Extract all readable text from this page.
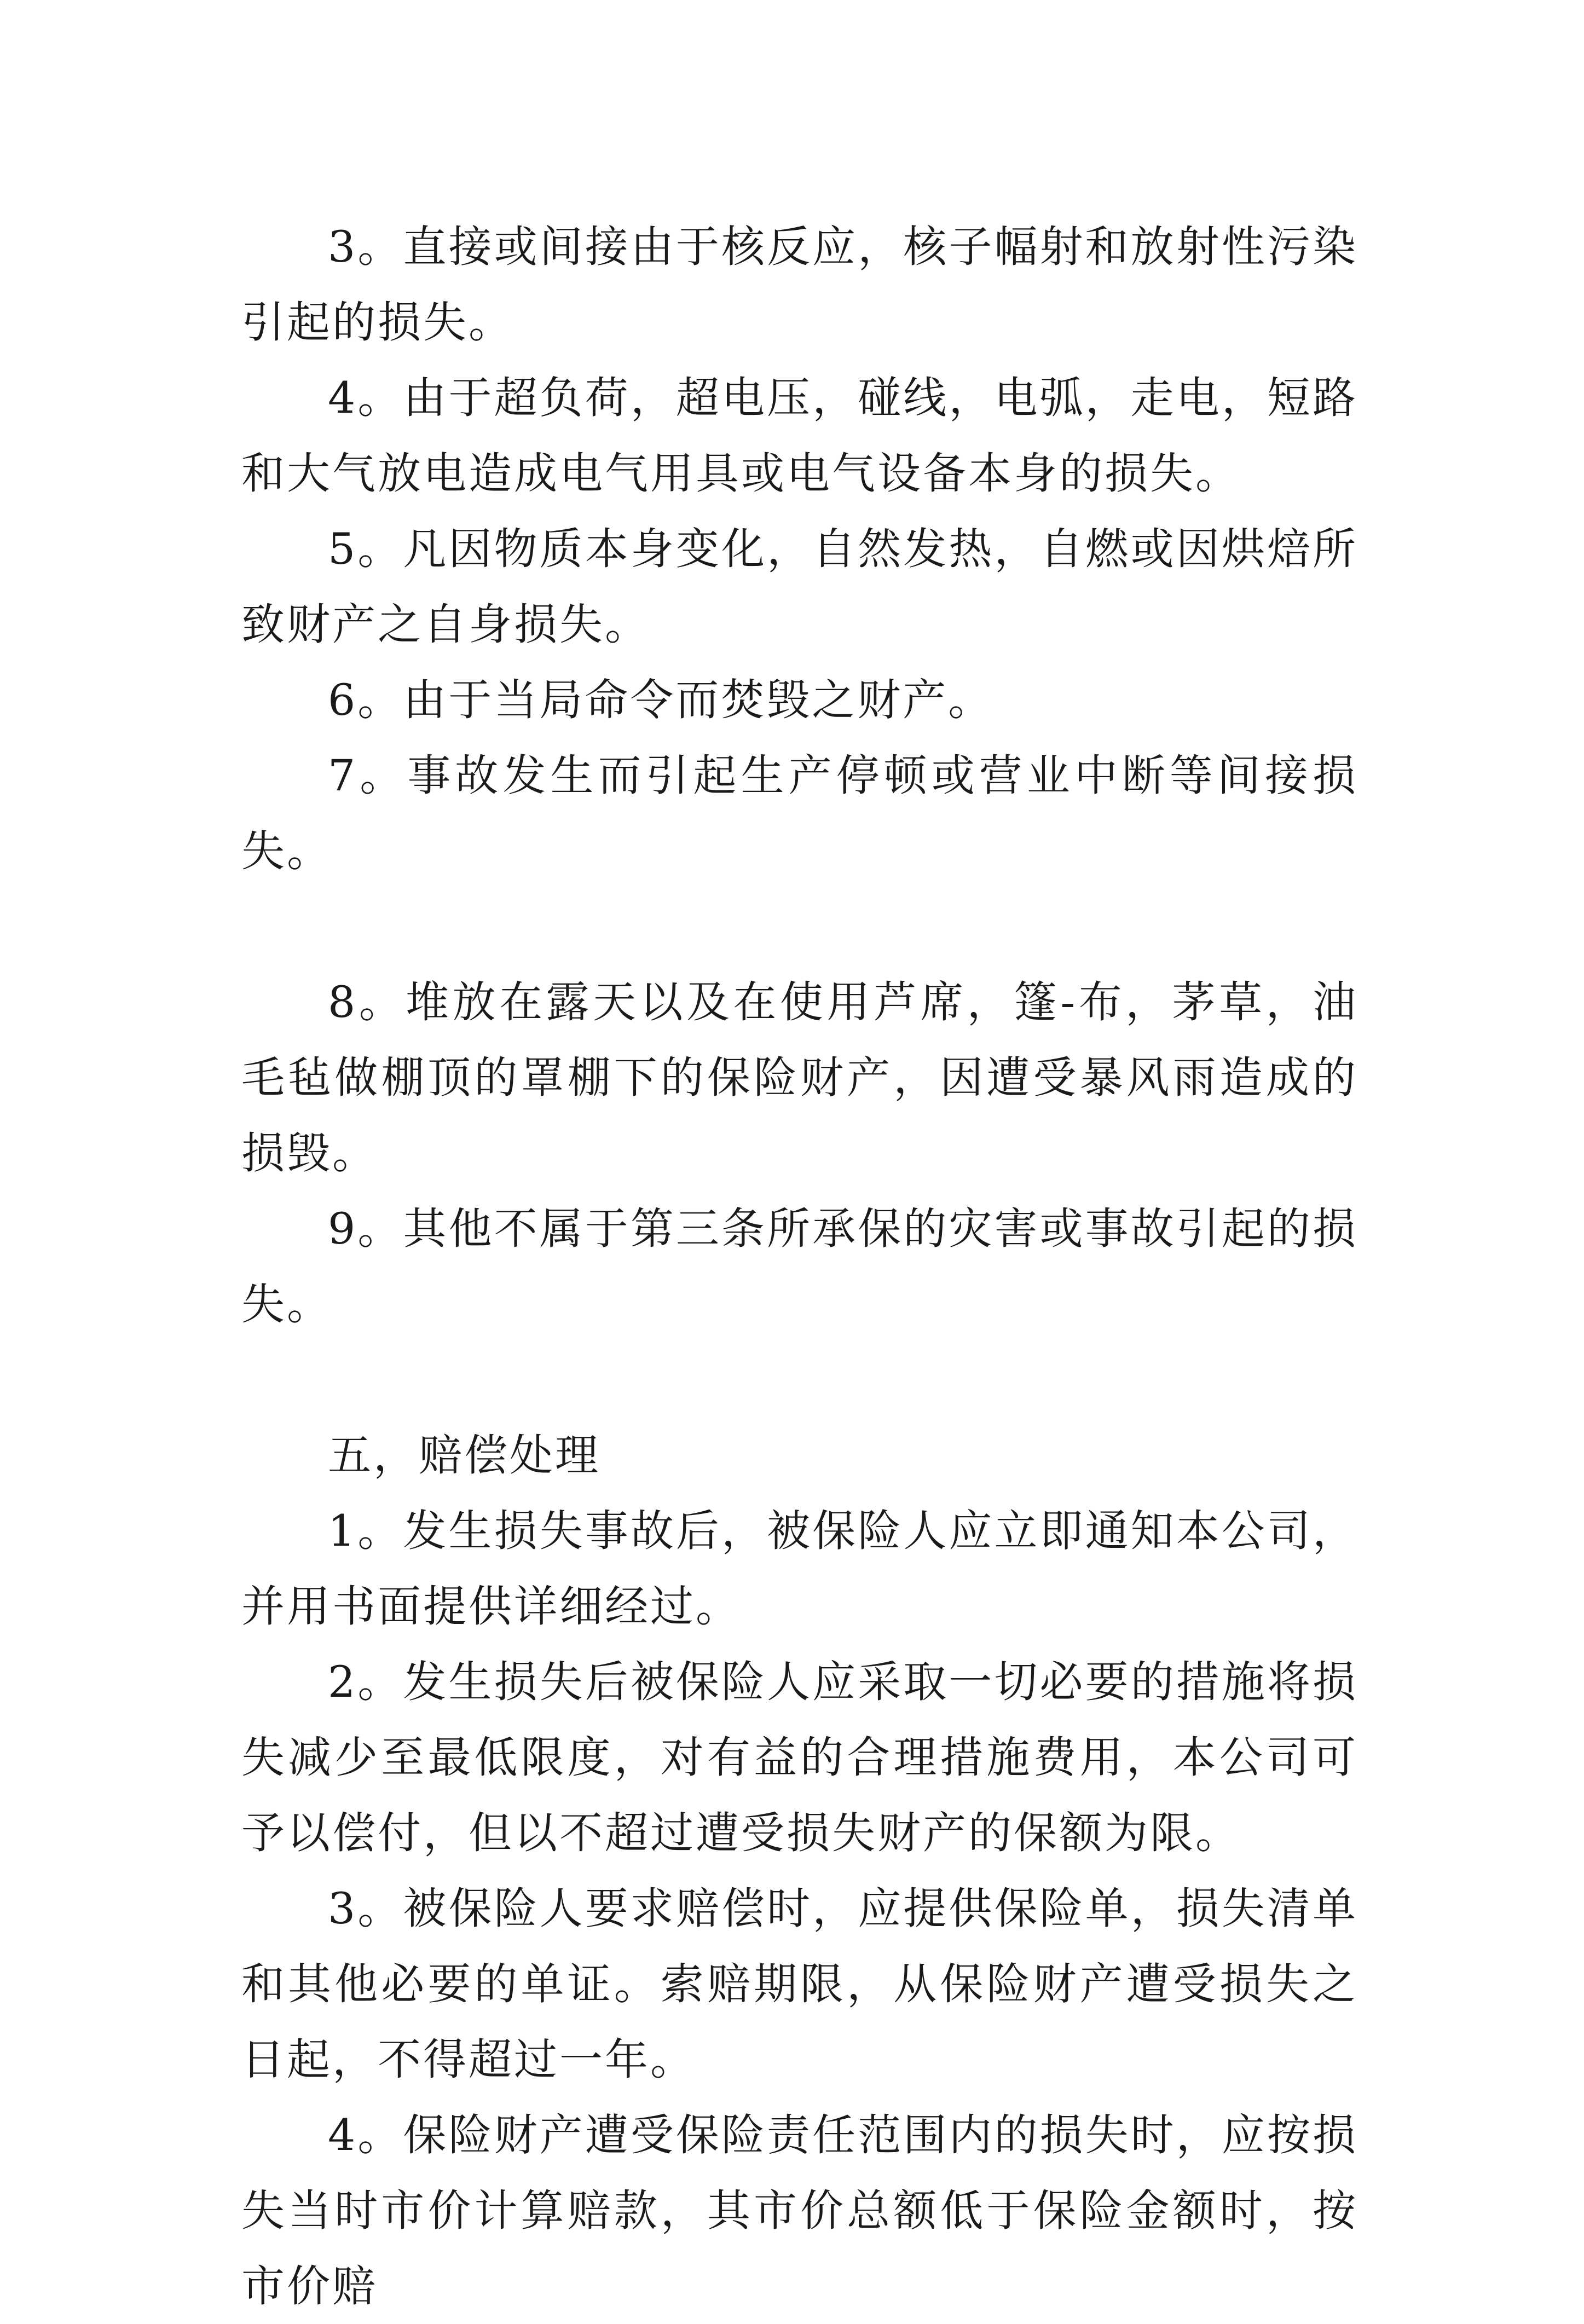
3。直接或间接由于核反应，核子幅射和放射性污染引起的损失。

4。由于超负荷，超电压，碰线，电弧，走电，短路和大气放电造成电气用具或电气设备本身的损失。

5。凡因物质本身变化，自然发热，自燃或因烘焙所致财产之自身损失。

6。由于当局命令而焚毁之财产。

7。事故发生而引起生产停顿或营业中断等间接损失。

8。堆放在露天以及在使用芦席，篷-布，茅草，油毛毡做棚顶的罩棚下的保险财产，因遭受暴风雨造成的损毁。

9。其他不属于第三条所承保的灾害或事故引起的损失。

五，赔偿处理

1。发生损失事故后，被保险人应立即通知本公司，并用书面提供详细经过。

2。发生损失后被保险人应采取一切必要的措施将损失减少至最低限度，对有益的合理措施费用，本公司可予以偿付，但以不超过遭受损失财产的保额为限。

3。被保险人要求赔偿时，应提供保险单，损失清单和其他必要的单证。索赔期限，从保险财产遭受损失之日起，不得超过一年。

4。保险财产遭受保险责任范围内的损失时，应按损失当时市价计算赔款，其市价总额低于保险金额时，按市价赔
